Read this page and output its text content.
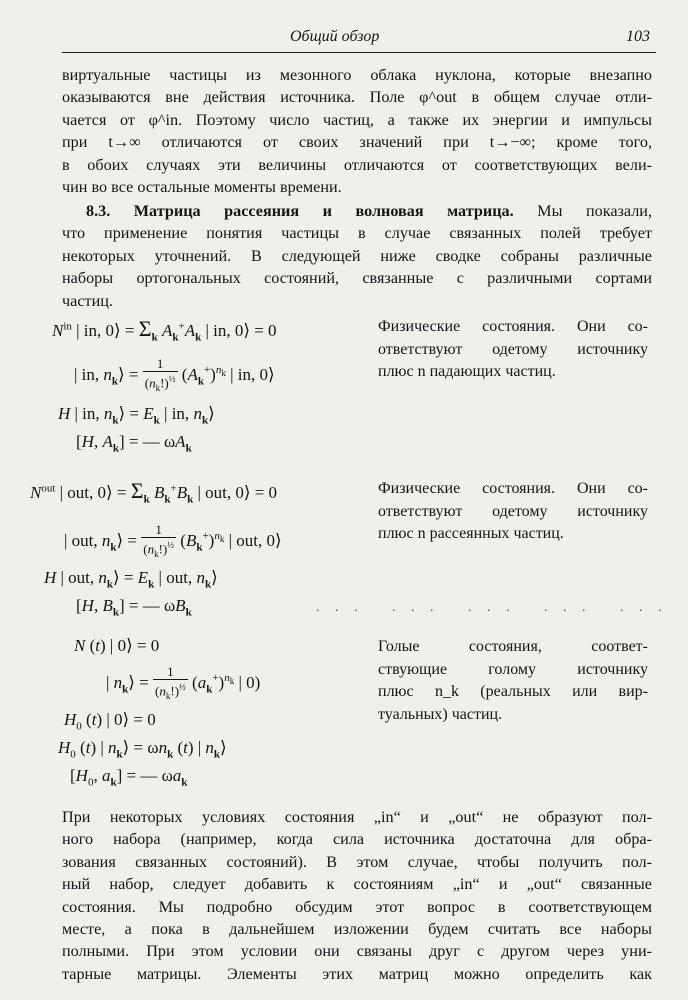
Общий обзор	103
виртуальные частицы из мезонного облака нуклона, которые внезапно
оказываются вне действия источника. Поле φ^out в общем случае отли-
чается от φ^in. Поэтому число частиц, а также их энергии и импульсы
при t→∞ отличаются от своих значений при t→−∞; кроме того,
в обоих случаях эти величины отличаются от соответствующих вели-
чин во все остальные моменты времени.
8.3. Матрица рассеяния и волновая матрица. Мы показали,
что применение понятия частицы в случае связанных полей требует
некоторых уточнений. В следующей ниже сводке собраны различные
наборы ортогональных состояний, связанные с различными сортами
частиц.
$N^{in}$ | in, 0⟩ = $\Sigma_k$ $A_k^+A_k$ | in, 0⟩ = 0
| in, $n_k⟩ = \frac{1}{(n_k!)^{\frac{1}{2}}} (A_k^+)^{n_k}$ | in, 0⟩
H | in, $n_k⟩ = E_k$ | in, $n_k⟩$
[H, $A_k$] = — $\omega A_k$
Физические состояния. Они со-
ответствуют одетому источнику
плюс n падающих частиц.
$N^{out}$ | out, 0⟩ = $\Sigma_k$ $B_k^+B_k$ | out, 0⟩ = 0
| out, $n_k⟩ = \frac{1}{(n_k!)^{\frac{1}{2}}} (B_k^+)^{n_k}$ | out, 0⟩
H | out, $n_k⟩ = E_k$ | out, $n_k⟩$
[H, $B_k$] = — $\omega B_k$	. . .   . . .   . . .   . . .   . . .
Физические состояния. Они со-
ответствуют одетому источнику
плюс n рассеянных частиц.
N (t) | 0⟩ = 0
| $n_k⟩ = \frac{1}{(n_k!)^{\frac{1}{2}}} (a_k^+)^{n_k}$ | 0)
$H_0$ (t) | 0⟩ = 0
$H_0$ (t) | $n_k⟩ = \omega n_k$ (t) | $n_k⟩$
[$H_0$, $a_k$] = — $\omega a_k$
Голые состояния, соответ-
ствующие голому источнику
плюс n_k (реальных или вир-
туальных) частиц.
При некоторых условиях состояния „in“ и „out“ не образуют пол-
ного набора (например, когда сила источника достаточна для обра-
зования связанных состояний). В этом случае, чтобы получить пол-
ный набор, следует добавить к состояниям „in“ и „out“ связанные
состояния. Мы подробно обсудим этот вопрос в соответствующем
месте, а пока в дальнейшем изложении будем считать все наборы
полными. При этом условии они связаны друг с другом через уни-
тарные матрицы. Элементы этих матриц можно определить как
